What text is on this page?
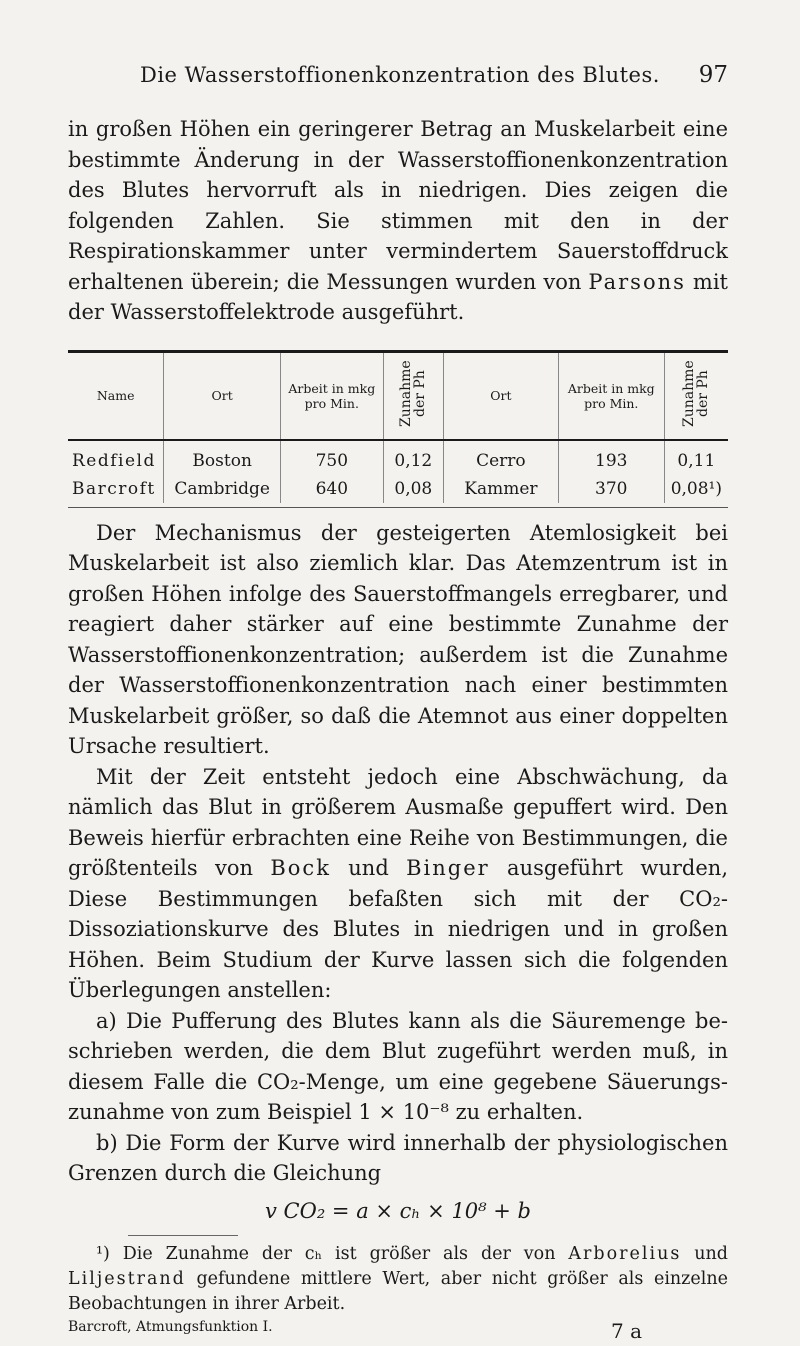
Die Wasserstoffionenkonzentration des Blutes. 97

in großen Höhen ein geringerer Betrag an Muskelarbeit eine bestimmte Änderung in der Wasserstoffionenkonzentration des Blutes hervorruft als in niedrigen. Dies zeigen die folgenden Zahlen. Sie stimmen mit den in der Respirationskammer unter vermindertem Sauerstoffdruck erhaltenen überein; die Messungen wurden von Parsons mit der Wasserstoffelektrode ausgeführt.

Name	Ort	Arbeit in mkg pro Min.	Zunahme der Ph	Ort	Arbeit in mkg pro Min.	Zunahme der Ph
Redfield	Boston	750	0,12	Cerro	193	0,11
Barcroft	Cambridge	640	0,08	Kammer	370	0,08¹)

Der Mechanismus der gesteigerten Atemlosigkeit bei Muskelarbeit ist also ziemlich klar. Das Atemzentrum ist in großen Höhen infolge des Sauerstoffmangels erregbarer, und reagiert daher stärker auf eine bestimmte Zunahme der Wasserstoffionenkonzentration; außerdem ist die Zunahme der Wasserstoffionenkonzentration nach einer bestimmten Muskelarbeit größer, so daß die Atemnot aus einer doppelten Ursache resultiert.

Mit der Zeit entsteht jedoch eine Abschwächung, da nämlich das Blut in größerem Ausmaße gepuffert wird. Den Beweis hierfür erbrachten eine Reihe von Bestimmungen, die größtenteils von Bock und Binger ausgeführt wurden, Diese Bestimmungen befaßten sich mit der CO₂-Dissoziationskurve des Blutes in niedrigen und in großen Höhen. Beim Studium der Kurve lassen sich die folgenden Überlegungen anstellen:

a) Die Pufferung des Blutes kann als die Säuremenge beschrieben werden, die dem Blut zugeführt werden muß, in diesem Falle die CO₂-Menge, um eine gegebene Säuerungszunahme von zum Beispiel 1 × 10⁻⁸ zu erhalten.

b) Die Form der Kurve wird innerhalb der physiologischen Grenzen durch die Gleichung

v CO₂ = a × cₕ × 10⁸ + b

¹) Die Zunahme der cₕ ist größer als der von Arborelius und Liljestrand gefundene mittlere Wert, aber nicht größer als einzelne Beobachtungen in ihrer Arbeit.

Barcroft, Atmungsfunktion I.	7 a
